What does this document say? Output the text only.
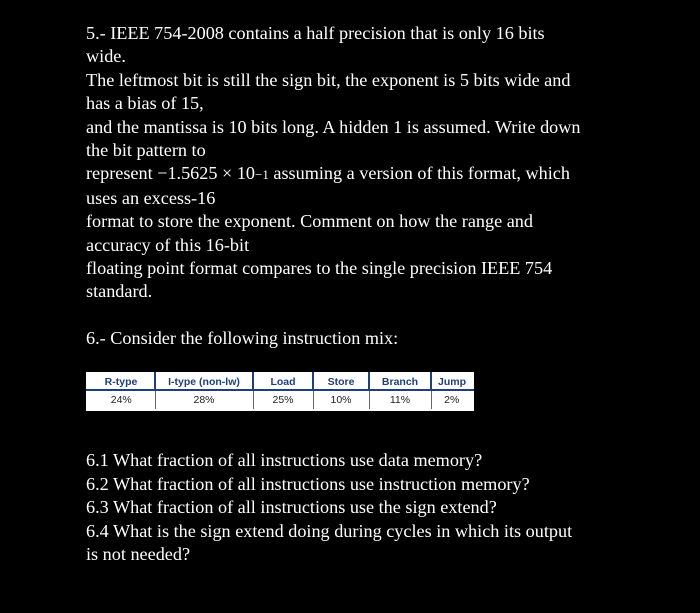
5.- IEEE 754-2008 contains a half precision that is only 16 bits
wide.
The leftmost bit is still the sign bit, the exponent is 5 bits wide and
has a bias of 15,
and the mantissa is 10 bits long. A hidden 1 is assumed. Write down
the bit pattern to
represent −1.5625 × 10−1 assuming a version of this format, which
uses an excess-16
format to store the exponent. Comment on how the range and
accuracy of this 16-bit
floating point format compares to the single precision IEEE 754
standard.
6.- Consider the following instruction mix:
R-type	I-type (non-lw)	Load	Store	Branch	Jump
24%	28%	25%	10%	11%	2%
6.1 What fraction of all instructions use data memory?
6.2 What fraction of all instructions use instruction memory?
6.3 What fraction of all instructions use the sign extend?
6.4 What is the sign extend doing during cycles in which its output
is not needed?
